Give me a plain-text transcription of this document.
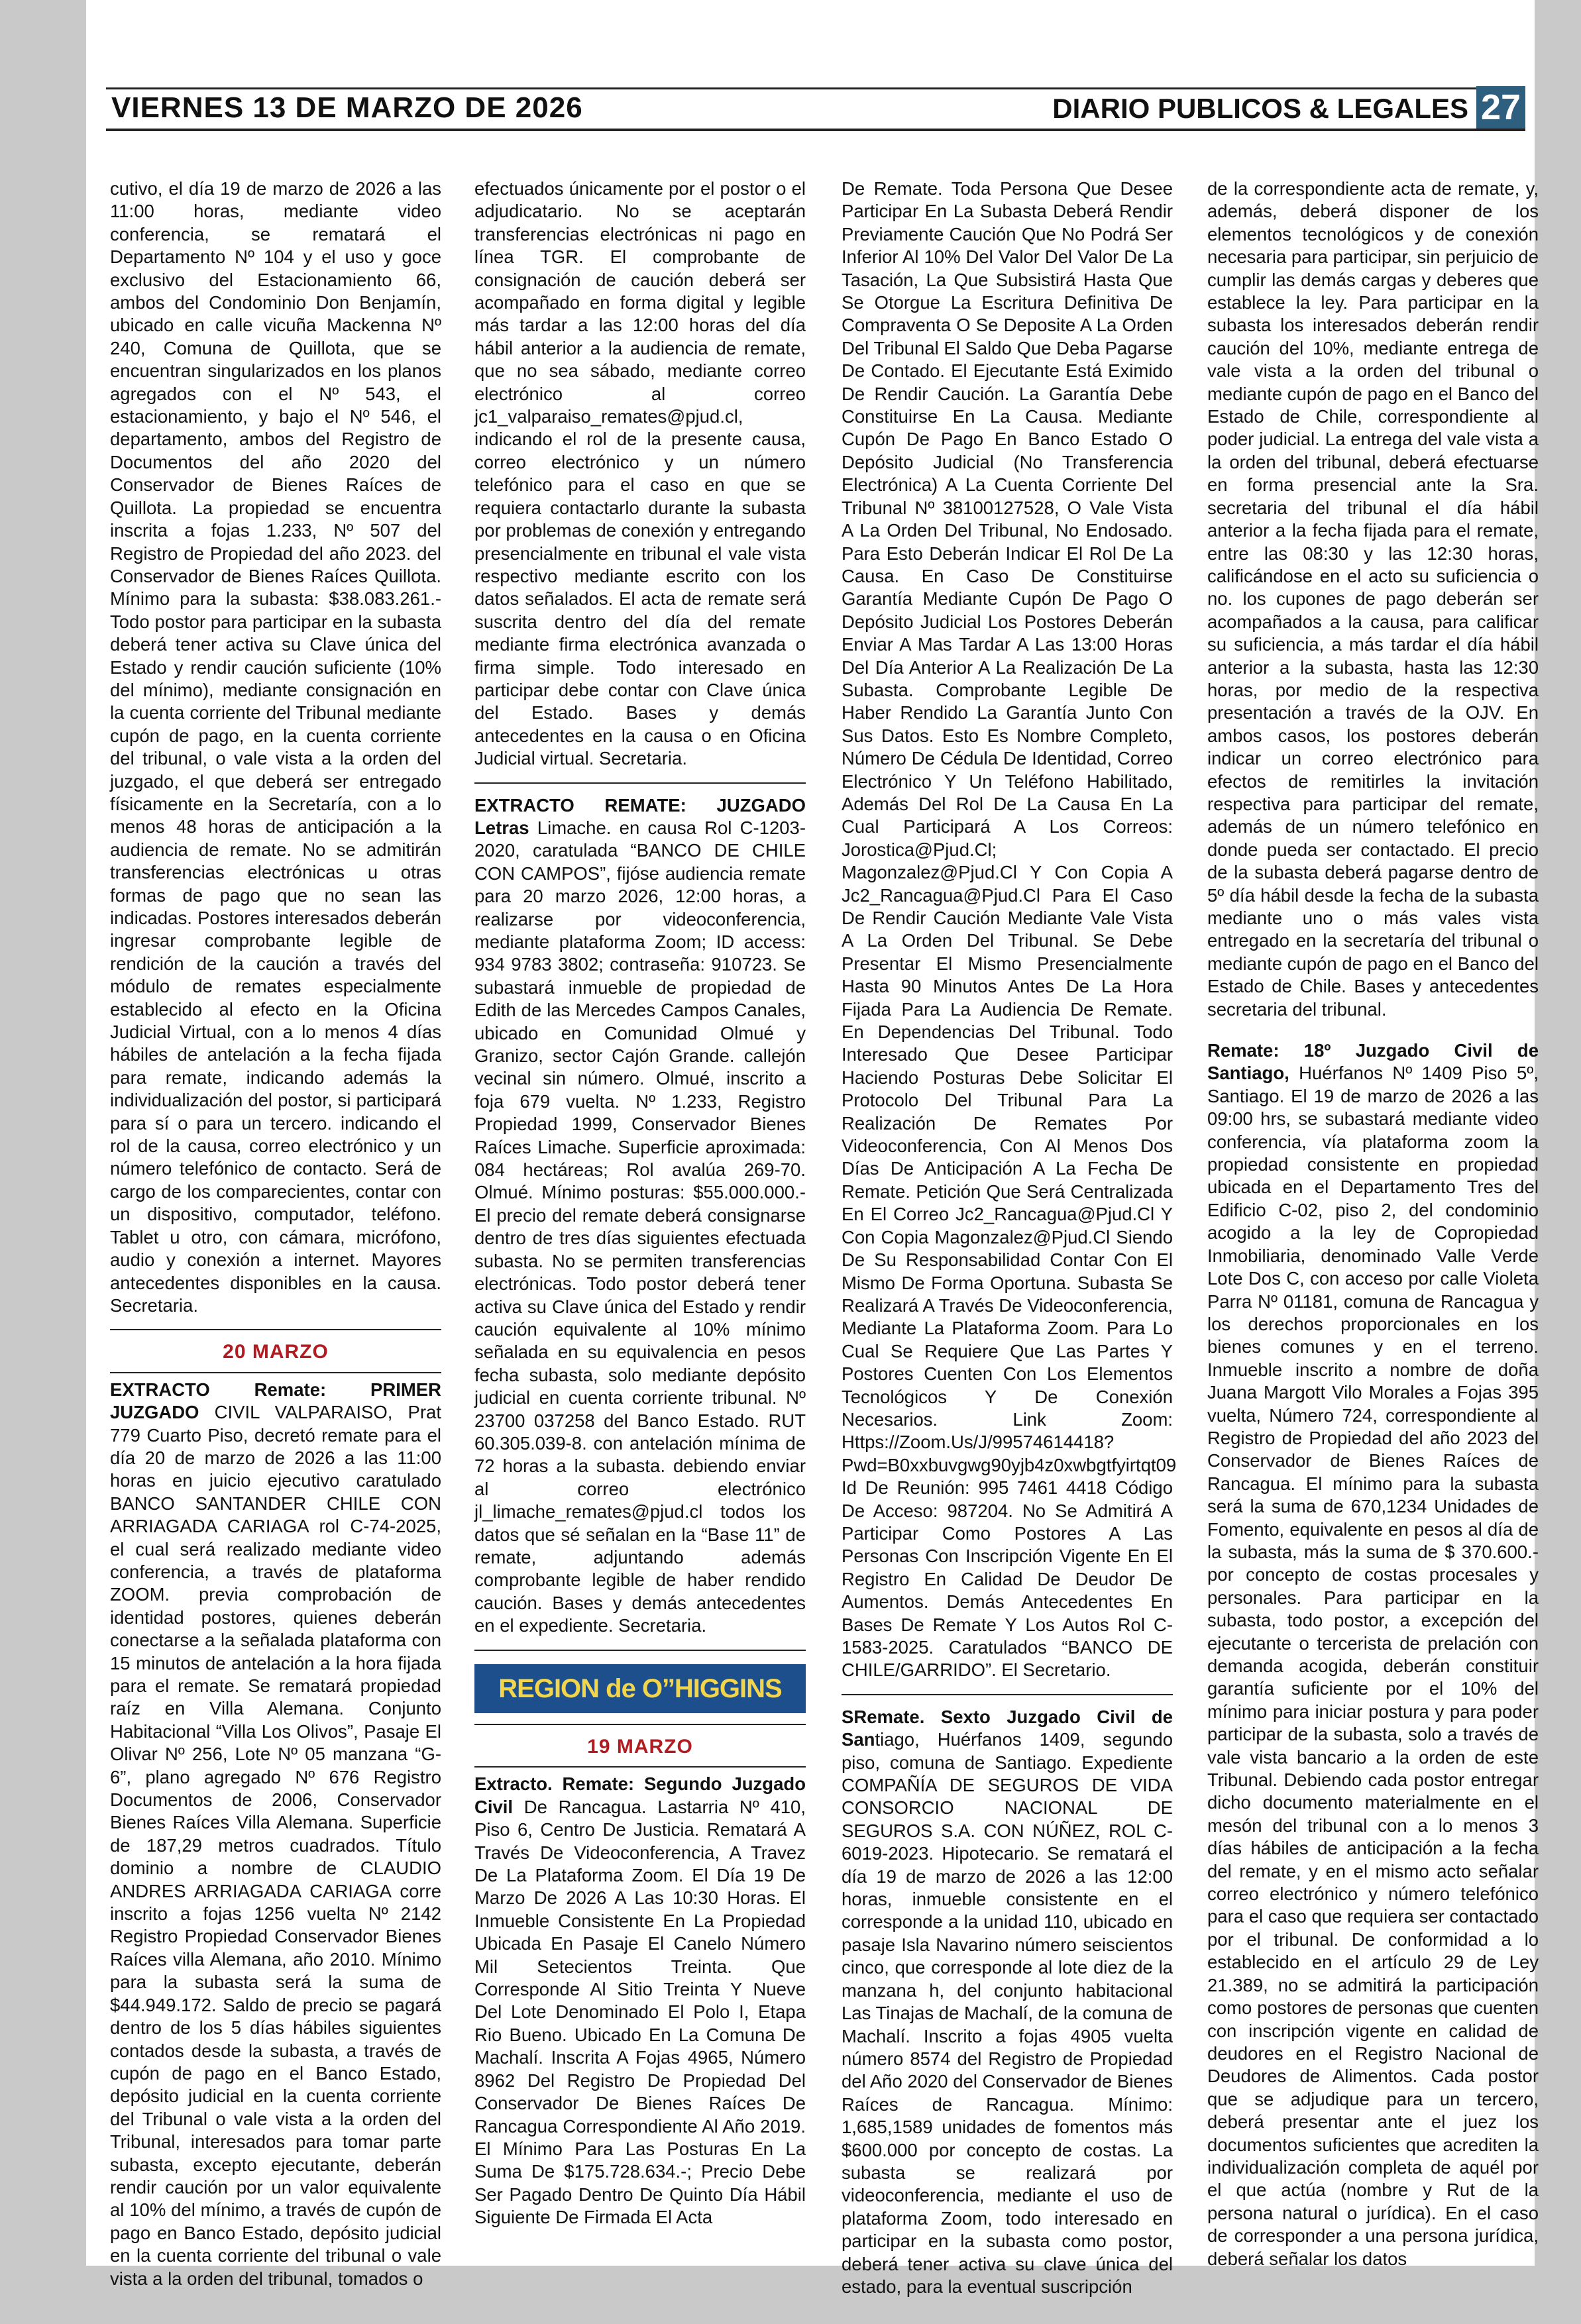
VIERNES 13 DE MARZO DE 2026	DIARIO PUBLICOS & LEGALES 27

cutivo, el día 19 de marzo de 2026 a las 11:00 horas, mediante video conferencia, se rematará el Departamento Nº 104 y el uso y goce exclusivo del Estacionamiento 66, ambos del Condominio Don Benjamín, ubicado en calle vicuña Mackenna Nº 240, Comuna de Quillota, que se encuentran singularizados en los planos agregados con el Nº 543, el estacionamiento, y bajo el Nº 546, el departamento, ambos del Registro de Documentos del año 2020 del Conservador de Bienes Raíces de Quillota. La propiedad se encuentra inscrita a fojas 1.233, Nº 507 del Registro de Propiedad del año 2023. del Conservador de Bienes Raíces Quillota. Mínimo para la subasta: $38.083.261.- Todo postor para participar en la subasta deberá tener activa su Clave única del Estado y rendir caución suficiente (10% del mínimo), mediante consignación en la cuenta corriente del Tribunal mediante cupón de pago, en la cuenta corriente del tribunal, o vale vista a la orden del juzgado, el que deberá ser entregado físicamente en la Secretaría, con a lo menos 48 horas de anticipación a la audiencia de remate. No se admitirán transferencias electrónicas u otras formas de pago que no sean las indicadas. Postores interesados deberán ingresar comprobante legible de rendición de la caución a través del módulo de remates especialmente establecido al efecto en la Oficina Judicial Virtual, con a lo menos 4 días hábiles de antelación a la fecha fijada para remate, indicando además la individualización del postor, si participará para sí o para un tercero. indicando el rol de la causa, correo electrónico y un número telefónico de contacto. Será de cargo de los comparecientes, contar con un dispositivo, computador, teléfono. Tablet u otro, con cámara, micrófono, audio y conexión a internet. Mayores antecedentes disponibles en la causa. Secretaria.

20 MARZO

EXTRACTO Remate: PRIMER JUZGADO CIVIL VALPARAISO, Prat 779 Cuarto Piso, decretó remate para el día 20 de marzo de 2026 a las 11:00 horas en juicio ejecutivo caratulado BANCO SANTANDER CHILE CON ARRIAGADA CARIAGA rol C-74-2025, el cual será realizado mediante video conferencia, a través de plataforma ZOOM. previa comprobación de identidad postores, quienes deberán conectarse a la señalada plataforma con 15 minutos de antelación a la hora fijada para el remate. Se rematará propiedad raíz en Villa Alemana. Conjunto Habitacional “Villa Los Olivos”, Pasaje El Olivar Nº 256, Lote Nº 05 manzana “G-6”, plano agregado Nº 676 Registro Documentos de 2006, Conservador Bienes Raíces Villa Alemana. Superficie de 187,29 metros cuadrados. Título dominio a nombre de CLAUDIO ANDRES ARRIAGADA CARIAGA corre inscrito a fojas 1256 vuelta Nº 2142 Registro Propiedad Conservador Bienes Raíces villa Alemana, año 2010. Mínimo para la subasta será la suma de $44.949.172. Saldo de precio se pagará dentro de los 5 días hábiles siguientes contados desde la subasta, a través de cupón de pago en el Banco Estado, depósito judicial en la cuenta corriente del Tribunal o vale vista a la orden del Tribunal, interesados para tomar parte subasta, excepto ejecutante, deberán rendir caución por un valor equivalente al 10% del mínimo, a través de cupón de pago en Banco Estado, depósito judicial en la cuenta corriente del tribunal o vale vista a la orden del tribunal, tomados o

efectuados únicamente por el postor o el adjudicatario. No se aceptarán transferencias electrónicas ni pago en línea TGR. El comprobante de consignación de caución deberá ser acompañado en forma digital y legible más tardar a las 12:00 horas del día hábil anterior a la audiencia de remate, que no sea sábado, mediante correo electrónico al correo jc1_valparaiso_remates@pjud.cl, indicando el rol de la presente causa, correo electrónico y un número telefónico para el caso en que se requiera contactarlo durante la subasta por problemas de conexión y entregando presencialmente en tribunal el vale vista respectivo mediante escrito con los datos señalados. El acta de remate será suscrita dentro del día del remate mediante firma electrónica avanzada o firma simple. Todo interesado en participar debe contar con Clave única del Estado. Bases y demás antecedentes en la causa o en Oficina Judicial virtual. Secretaria.

EXTRACTO REMATE: JUZGADO Letras Limache. en causa Rol C-1203-2020, caratulada “BANCO DE CHILE CON CAMPOS”, fijóse audiencia remate para 20 marzo 2026, 12:00 horas, a realizarse por videoconferencia, mediante plataforma Zoom; ID access: 934 9783 3802; contraseña: 910723. Se subastará inmueble de propiedad de Edith de las Mercedes Campos Canales, ubicado en Comunidad Olmué y Granizo, sector Cajón Grande. callejón vecinal sin número. Olmué, inscrito a foja 679 vuelta. Nº 1.233, Registro Propiedad 1999, Conservador Bienes Raíces Limache. Superficie aproximada: 084 hectáreas; Rol avalúa 269-70. Olmué. Mínimo posturas: $55.000.000.- El precio del remate deberá consignarse dentro de tres días siguientes efectuada subasta. No se permiten transferencias electrónicas. Todo postor deberá tener activa su Clave única del Estado y rendir caución equivalente al 10% mínimo señalada en su equivalencia en pesos fecha subasta, solo mediante depósito judicial en cuenta corriente tribunal. Nº 23700 037258 del Banco Estado. RUT 60.305.039-8. con antelación mínima de 72 horas a la subasta. debiendo enviar al correo electrónico jl_limache_remates@pjud.cl todos los datos que sé señalan en la “Base 11” de remate, adjuntando además comprobante legible de haber rendido caución. Bases y demás antecedentes en el expediente. Secretaria.

REGION de O’’HIGGINS
19 MARZO

Extracto. Remate: Segundo Juzgado Civil De Rancagua. Lastarria Nº 410, Piso 6, Centro De Justicia. Rematará A Través De Videoconferencia, A Travez De La Plataforma Zoom. El Día 19 De Marzo De 2026 A Las 10:30 Horas. El Inmueble Consistente En La Propiedad Ubicada En Pasaje El Canelo Número Mil Setecientos Treinta. Que Corresponde Al Sitio Treinta Y Nueve Del Lote Denominado El Polo I, Etapa Rio Bueno. Ubicado En La Comuna De Machalí. Inscrita A Fojas 4965, Número 8962 Del Registro De Propiedad Del Conservador De Bienes Raíces De Rancagua Correspondiente Al Año 2019. El Mínimo Para Las Posturas En La Suma De $175.728.634.-; Precio Debe Ser Pagado Dentro De Quinto Día Hábil Siguiente De Firmada El Acta

De Remate. Toda Persona Que Desee Participar En La Subasta Deberá Rendir Previamente Caución Que No Podrá Ser Inferior Al 10% Del Valor Del Valor De La Tasación, La Que Subsistirá Hasta Que Se Otorgue La Escritura Definitiva De Compraventa O Se Deposite A La Orden Del Tribunal El Saldo Que Deba Pagarse De Contado. El Ejecutante Está Eximido De Rendir Caución. La Garantía Debe Constituirse En La Causa. Mediante Cupón De Pago En Banco Estado O Depósito Judicial (No Transferencia Electrónica) A La Cuenta Corriente Del Tribunal Nº 38100127528, O Vale Vista A La Orden Del Tribunal, No Endosado. Para Esto Deberán Indicar El Rol De La Causa. En Caso De Constituirse Garantía Mediante Cupón De Pago O Depósito Judicial Los Postores Deberán Enviar A Mas Tardar A Las 13:00 Horas Del Día Anterior A La Realización De La Subasta. Comprobante Legible De Haber Rendido La Garantía Junto Con Sus Datos. Esto Es Nombre Completo, Número De Cédula De Identidad, Correo Electrónico Y Un Teléfono Habilitado, Además Del Rol De La Causa En La Cual Participará A Los Correos: Jorostica@Pjud.Cl; Magonzalez@Pjud.Cl Y Con Copia A Jc2_Rancagua@Pjud.Cl Para El Caso De Rendir Caución Mediante Vale Vista A La Orden Del Tribunal. Se Debe Presentar El Mismo Presencialmente Hasta 90 Minutos Antes De La Hora Fijada Para La Audiencia De Remate. En Dependencias Del Tribunal. Todo Interesado Que Desee Participar Haciendo Posturas Debe Solicitar El Protocolo Del Tribunal Para La Realización De Remates Por Videoconferencia, Con Al Menos Dos Días De Anticipación A La Fecha De Remate. Petición Que Será Centralizada En El Correo Jc2_Rancagua@Pjud.Cl Y Con Copia Magonzalez@Pjud.Cl Siendo De Su Responsabilidad Contar Con El Mismo De Forma Oportuna. Subasta Se Realizará A Través De Videoconferencia, Mediante La Plataforma Zoom. Para Lo Cual Se Requiere Que Las Partes Y Postores Cuenten Con Los Elementos Tecnológicos Y De Conexión Necesarios. Link Zoom: Https://Zoom.Us/J/99574614418?Pwd=B0xxbuvgwg90yjb4z0xwbgtfyirtqt09 Id De Reunión: 995 7461 4418 Código De Acceso: 987204. No Se Admitirá A Participar Como Postores A Las Personas Con Inscripción Vigente En El Registro En Calidad De Deudor De Aumentos. Demás Antecedentes En Bases De Remate Y Los Autos Rol C-1583-2025. Caratulados “BANCO DE CHILE/GARRIDO”. El Secretario.

SRemate. Sexto Juzgado Civil de Santiago, Huérfanos 1409, segundo piso, comuna de Santiago. Expediente COMPAÑÍA DE SEGUROS DE VIDA CONSORCIO NACIONAL DE SEGUROS S.A. CON NÚÑEZ, ROL C-6019-2023. Hipotecario. Se rematará el día 19 de marzo de 2026 a las 12:00 horas, inmueble consistente en el corresponde a la unidad 110, ubicado en pasaje Isla Navarino número seiscientos cinco, que corresponde al lote diez de la manzana h, del conjunto habitacional Las Tinajas de Machalí, de la comuna de Machalí. Inscrito a fojas 4905 vuelta número 8574 del Registro de Propiedad del Año 2020 del Conservador de Bienes Raíces de Rancagua. Mínimo: 1,685,1589 unidades de fomentos más $600.000 por concepto de costas. La subasta se realizará por videoconferencia, mediante el uso de plataforma Zoom, todo interesado en participar en la subasta como postor, deberá tener activa su clave única del estado, para la eventual suscripción

de la correspondiente acta de remate, y, además, deberá disponer de los elementos tecnológicos y de conexión necesaria para participar, sin perjuicio de cumplir las demás cargas y deberes que establece la ley. Para participar en la subasta los interesados deberán rendir caución del 10%, mediante entrega de vale vista a la orden del tribunal o mediante cupón de pago en el Banco del Estado de Chile, correspondiente al poder judicial. La entrega del vale vista a la orden del tribunal, deberá efectuarse en forma presencial ante la Sra. secretaria del tribunal el día hábil anterior a la fecha fijada para el remate, entre las 08:30 y las 12:30 horas, calificándose en el acto su suficiencia o no. los cupones de pago deberán ser acompañados a la causa, para calificar su suficiencia, a más tardar el día hábil anterior a la subasta, hasta las 12:30 horas, por medio de la respectiva presentación a través de la OJV. En ambos casos, los postores deberán indicar un correo electrónico para efectos de remitirles la invitación respectiva para participar del remate, además de un número telefónico en donde pueda ser contactado. El precio de la subasta deberá pagarse dentro de 5º día hábil desde la fecha de la subasta mediante uno o más vales vista entregado en la secretaría del tribunal o mediante cupón de pago en el Banco del Estado de Chile. Bases y antecedentes secretaria del tribunal.

Remate: 18º Juzgado Civil de Santiago, Huérfanos Nº 1409 Piso 5º, Santiago. El 19 de marzo de 2026 a las 09:00 hrs, se subastará mediante video conferencia, vía plataforma zoom la propiedad consistente en propiedad ubicada en el Departamento Tres del Edificio C-02, piso 2, del condominio acogido a la ley de Copropiedad Inmobiliaria, denominado Valle Verde Lote Dos C, con acceso por calle Violeta Parra Nº 01181, comuna de Rancagua y los derechos proporcionales en los bienes comunes y en el terreno. Inmueble inscrito a nombre de doña Juana Margott Vilo Morales a Fojas 395 vuelta, Número 724, correspondiente al Registro de Propiedad del año 2023 del Conservador de Bienes Raíces de Rancagua. El mínimo para la subasta será la suma de 670,1234 Unidades de Fomento, equivalente en pesos al día de la subasta, más la suma de $ 370.600.- por concepto de costas procesales y personales. Para participar en la subasta, todo postor, a excepción del ejecutante o tercerista de prelación con demanda acogida, deberán constituir garantía suficiente por el 10% del mínimo para iniciar postura y para poder participar de la subasta, solo a través de vale vista bancario a la orden de este Tribunal. Debiendo cada postor entregar dicho documento materialmente en el mesón del tribunal con a lo menos 3 días hábiles de anticipación a la fecha del remate, y en el mismo acto señalar correo electrónico y número telefónico para el caso que requiera ser contactado por el tribunal. De conformidad a lo establecido en el artículo 29 de Ley 21.389, no se admitirá la participación como postores de personas que cuenten con inscripción vigente en calidad de deudores en el Registro Nacional de Deudores de Alimentos. Cada postor que se adjudique para un tercero, deberá presentar ante el juez los documentos suficientes que acrediten la individualización completa de aquél por el que actúa (nombre y Rut de la persona natural o jurídica). En el caso de corresponder a una persona jurídica, deberá señalar los datos
